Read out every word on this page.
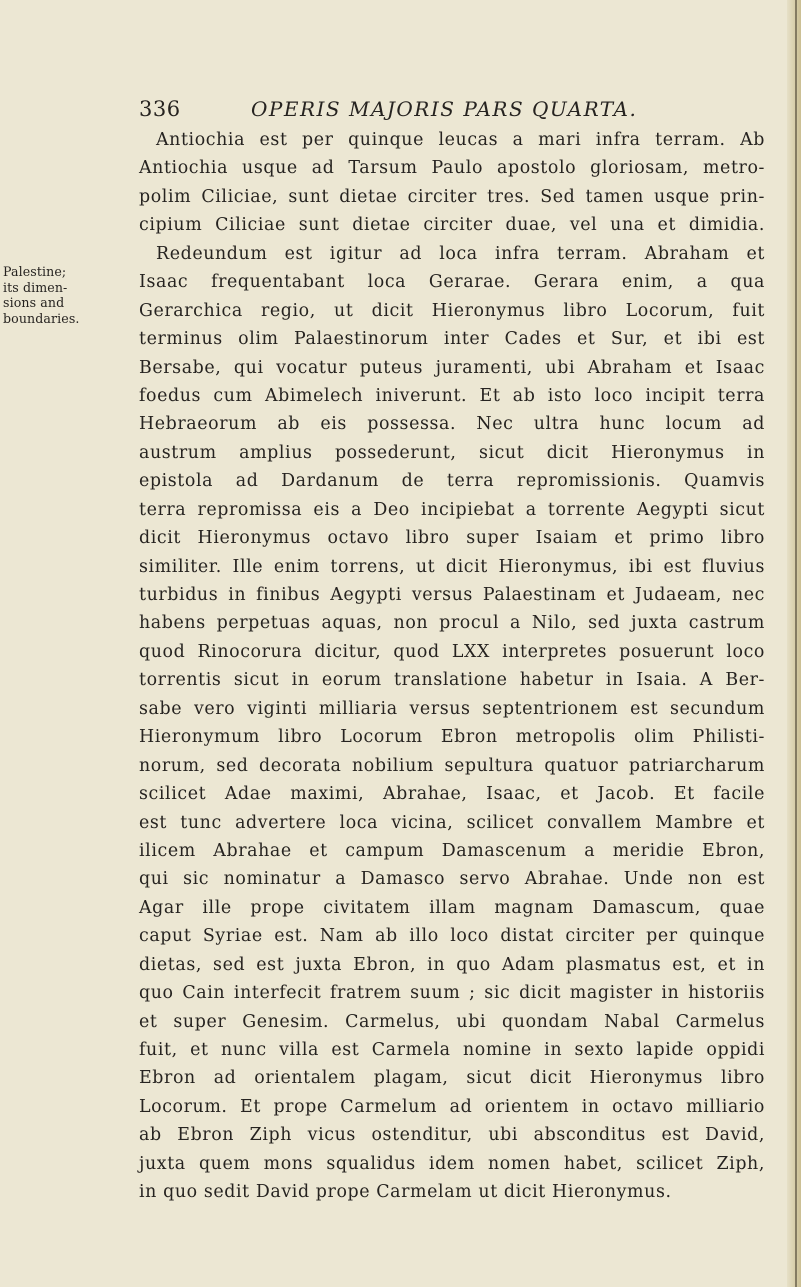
336	OPERIS MAJORIS PARS QUARTA.
Palestine;
its dimen-
sions and
boundaries.
Antiochia est per quinque leucas a mari infra terram. Ab
Antiochia usque ad Tarsum Paulo apostolo gloriosam, metro-
polim Ciliciae, sunt dietae circiter tres. Sed tamen usque prin-
cipium Ciliciae sunt dietae circiter duae, vel una et dimidia.
Redeundum est igitur ad loca infra terram. Abraham et
Isaac frequentabant loca Gerarae. Gerara enim, a qua
Gerarchica regio, ut dicit Hieronymus libro Locorum, fuit
terminus olim Palaestinorum inter Cades et Sur, et ibi est
Bersabe, qui vocatur puteus juramenti, ubi Abraham et Isaac
foedus cum Abimelech iniverunt. Et ab isto loco incipit terra
Hebraeorum ab eis possessa. Nec ultra hunc locum ad
austrum amplius possederunt, sicut dicit Hieronymus in
epistola ad Dardanum de terra repromissionis. Quamvis
terra repromissa eis a Deo incipiebat a torrente Aegypti sicut
dicit Hieronymus octavo libro super Isaiam et primo libro
similiter. Ille enim torrens, ut dicit Hieronymus, ibi est fluvius
turbidus in finibus Aegypti versus Palaestinam et Judaeam, nec
habens perpetuas aquas, non procul a Nilo, sed juxta castrum
quod Rinocorura dicitur, quod LXX interpretes posuerunt loco
torrentis sicut in eorum translatione habetur in Isaia. A Ber-
sabe vero viginti milliaria versus septentrionem est secundum
Hieronymum libro Locorum Ebron metropolis olim Philisti-
norum, sed decorata nobilium sepultura quatuor patriarcharum
scilicet Adae maximi, Abrahae, Isaac, et Jacob. Et facile
est tunc advertere loca vicina, scilicet convallem Mambre et
ilicem Abrahae et campum Damascenum a meridie Ebron,
qui sic nominatur a Damasco servo Abrahae. Unde non est
Agar ille prope civitatem illam magnam Damascum, quae
caput Syriae est. Nam ab illo loco distat circiter per quinque
dietas, sed est juxta Ebron, in quo Adam plasmatus est, et in
quo Cain interfecit fratrem suum ; sic dicit magister in historiis
et super Genesim. Carmelus, ubi quondam Nabal Carmelus
fuit, et nunc villa est Carmela nomine in sexto lapide oppidi
Ebron ad orientalem plagam, sicut dicit Hieronymus libro
Locorum. Et prope Carmelum ad orientem in octavo milliario
ab Ebron Ziph vicus ostenditur, ubi absconditus est David,
juxta quem mons squalidus idem nomen habet, scilicet Ziph,
in quo sedit David prope Carmelam ut dicit Hieronymus.
